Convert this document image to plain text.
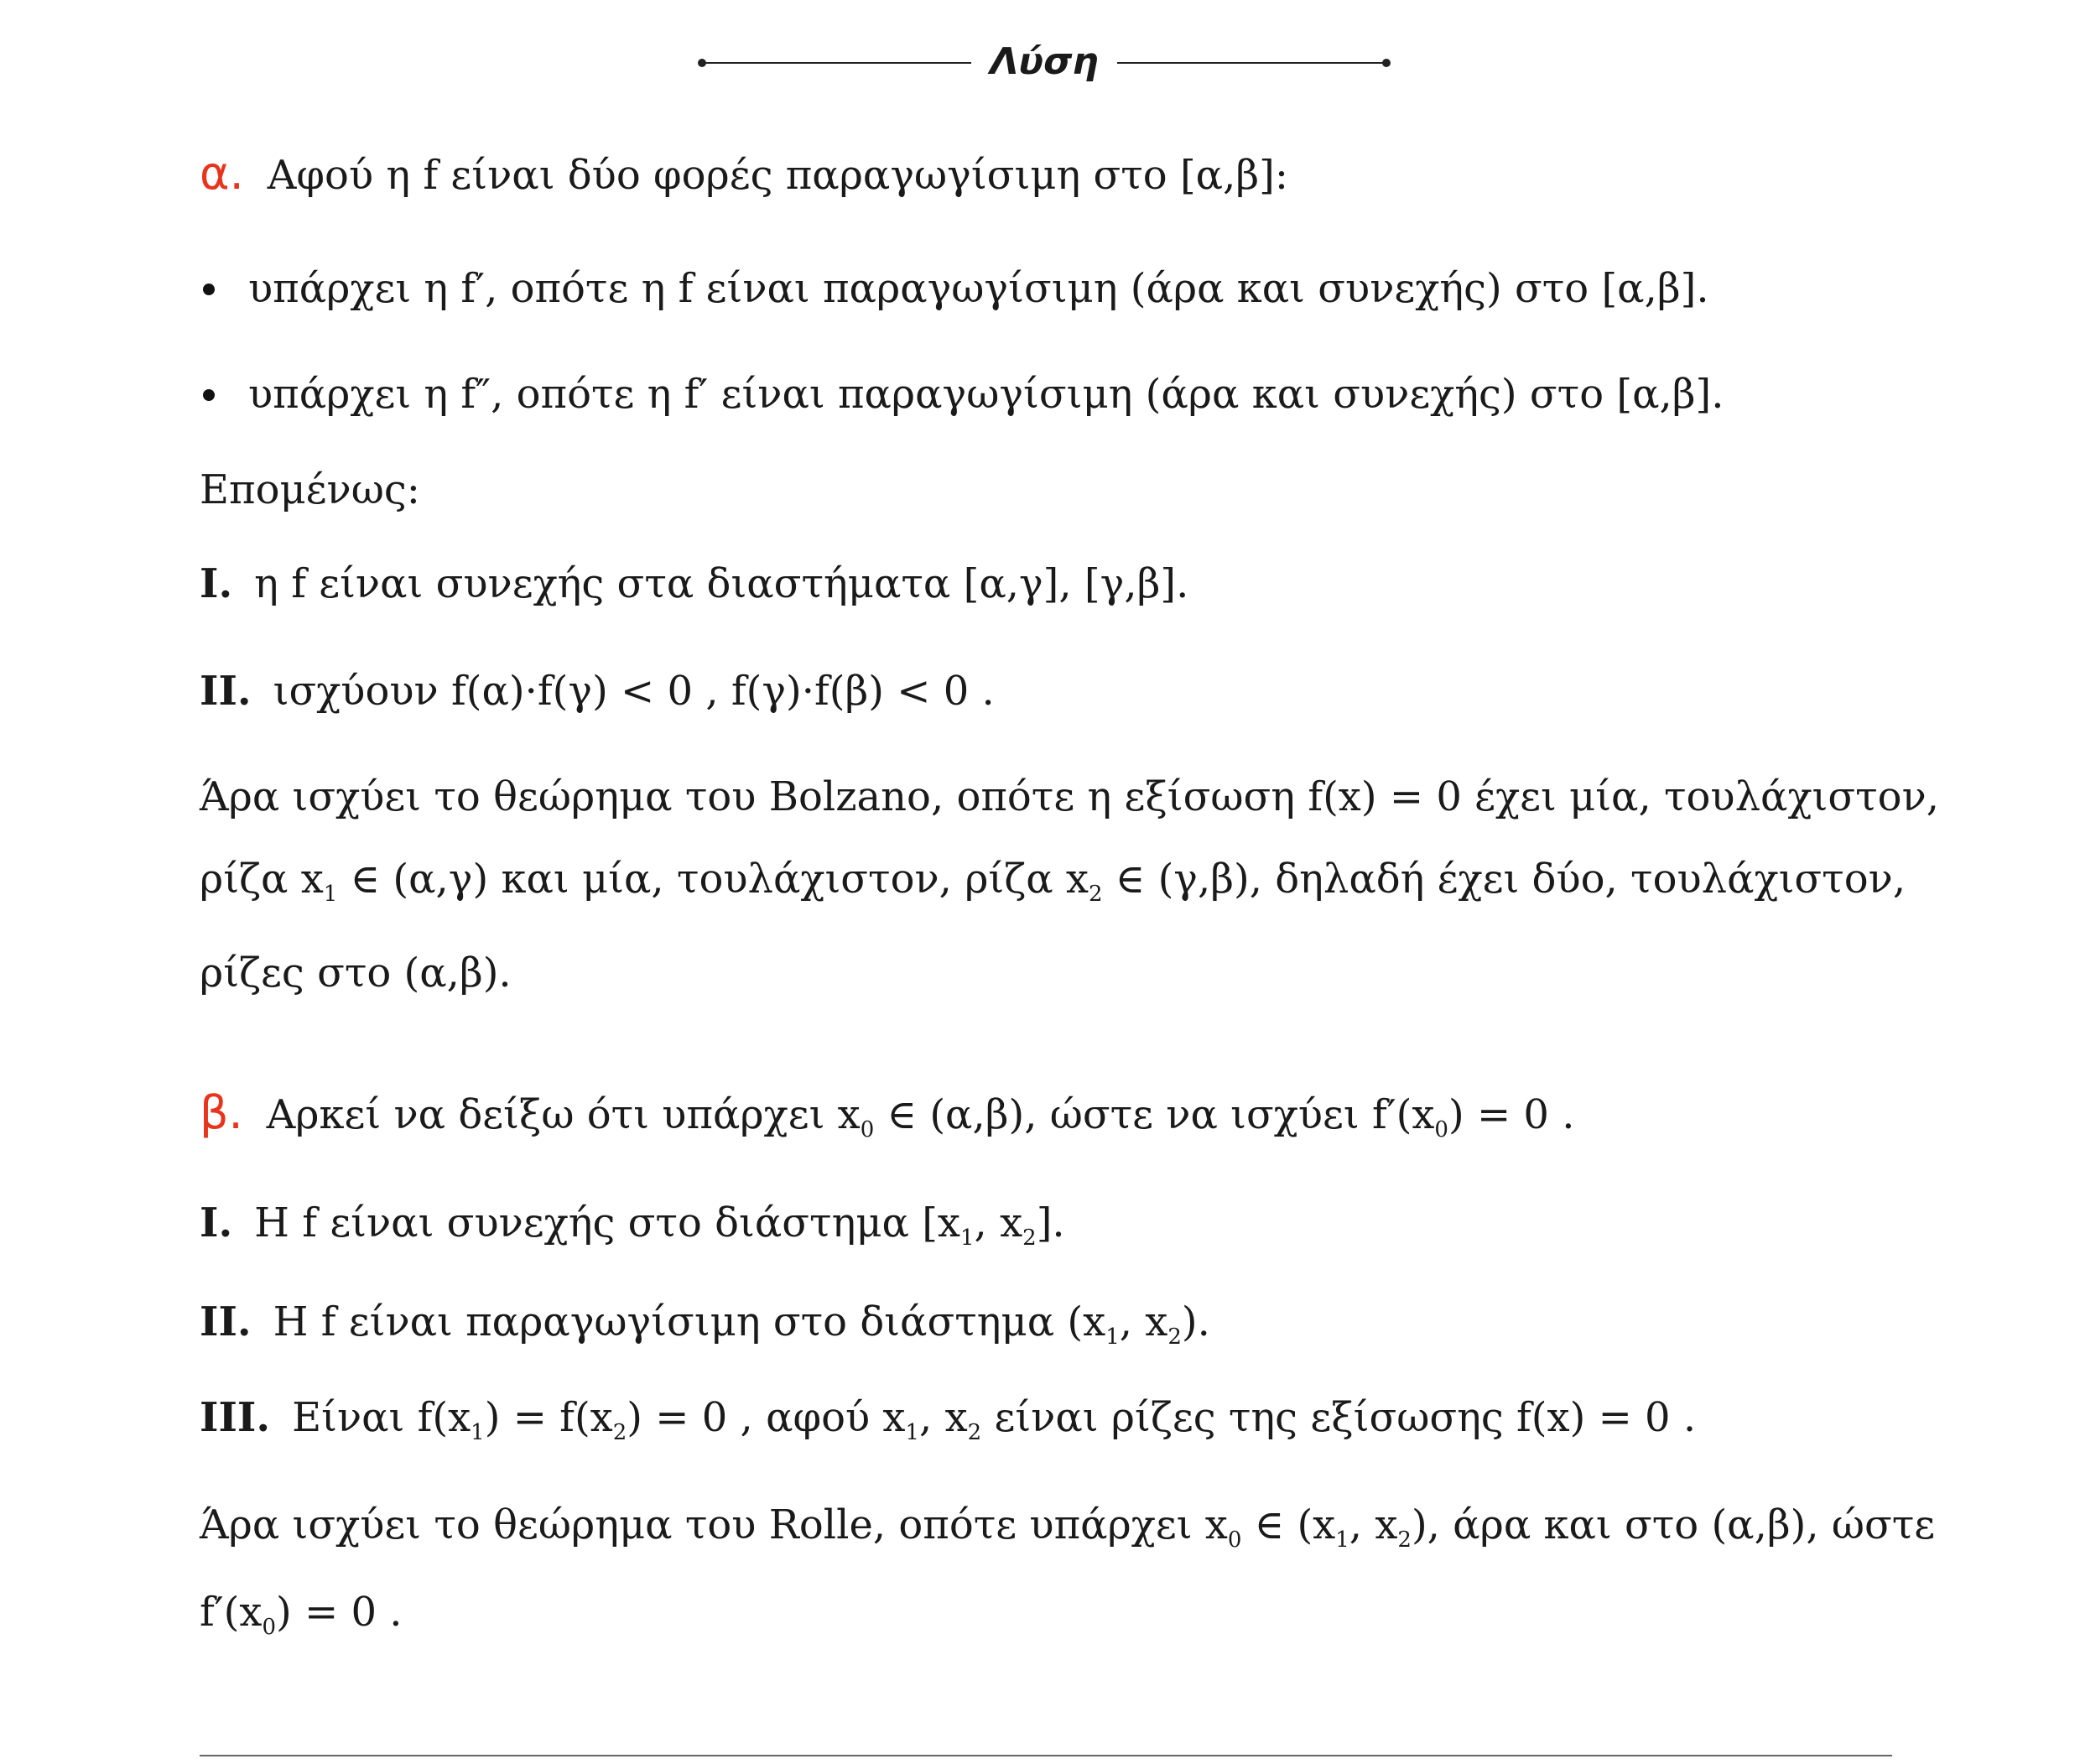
Λύση
α. Αφού η f είναι δύο φορές παραγωγίσιμη στο [α,β]:
υπάρχει η f′, οπότε η f είναι παραγωγίσιμη (άρα και συνεχής) στο [α,β].
υπάρχει η f″, οπότε η f′ είναι παραγωγίσιμη (άρα και συνεχής) στο [α,β].
Επομένως:
I. η f είναι συνεχής στα διαστήματα [α,γ], [γ,β].
II. ισχύουν f(α)·f(γ) < 0 , f(γ)·f(β) < 0 .
Άρα ισχύει το θεώρημα του Bolzano, οπότε η εξίσωση f(x) = 0 έχει μία, τουλάχιστον,
ρίζα $x_1$ ∈ (α,γ) και μία, τουλάχιστον, ρίζα $x_2$ ∈ (γ,β), δηλαδή έχει δύο, τουλάχιστον,
ρίζες στο (α,β).
β. Αρκεί να δείξω ότι υπάρχει $x_0$ ∈ (α,β), ώστε να ισχύει $f'(x_0) = 0$ .
I. Η f είναι συνεχής στο διάστημα [$x_1$, $x_2$].
II. Η f είναι παραγωγίσιμη στο διάστημα ($x_1$, $x_2$).
III. Είναι $f(x_1) = f(x_2) = 0$ , αφού $x_1$, $x_2$ είναι ρίζες της εξίσωσης f(x) = 0 .
Άρα ισχύει το θεώρημα του Rolle, οπότε υπάρχει $x_0$ ∈ ($x_1$, $x_2$), άρα και στο (α,β), ώστε
$f'(x_0) = 0$ .
